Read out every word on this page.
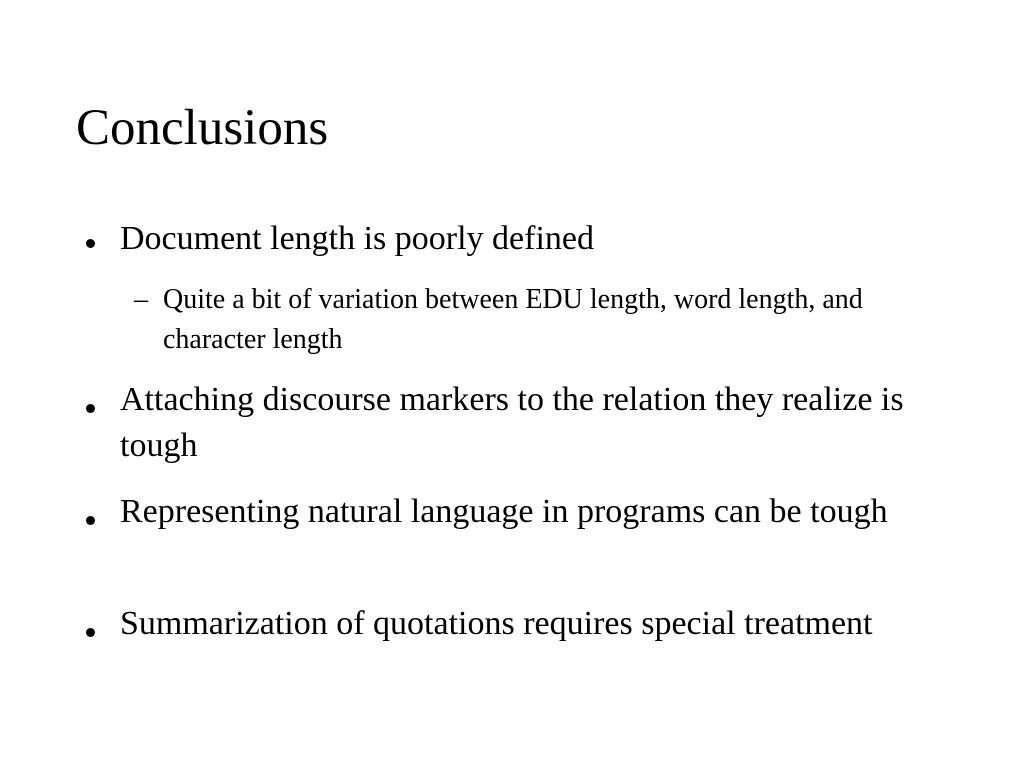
Conclusions
Document length is poorly defined
– Quite a bit of variation between EDU length, word length, and character length
Attaching discourse markers to the relation they realize is tough
Representing natural language in programs can be tough
Summarization of quotations requires special treatment
